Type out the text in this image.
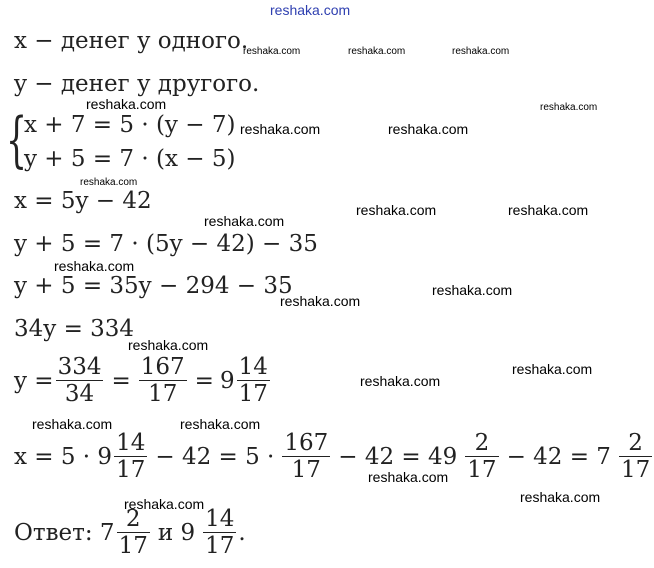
reshaka.com
reshaka.com	reshaka.com	reshaka.com
reshaka.com	reshaka.com
reshaka.com	reshaka.com
reshaka.com
reshaka.com	reshaka.com
reshaka.com
reshaka.com
reshaka.com
reshaka.com
reshaka.com
reshaka.com
reshaka.com
reshaka.com	reshaka.com
reshaka.com
reshaka.com
reshaka.com
x − денег у одного.
y − денег у другого.
{
x + 7 = 5 · (y − 7)
y + 5 = 7 · (x − 5)
x = 5y − 42
y + 5 = 7 · (5y − 42) − 35
y + 5 = 35y − 294 − 35
34y = 334
$y = \frac{334}{34} = \frac{167}{17} = 9 \frac{14}{17}$
$x = 5 \cdot 9 \frac{14}{17} - 42 = 5 \cdot \frac{167}{17} - 42 = 49 \frac{2}{17} - 42 = 7 \frac{2}{17}$
Ответ: $7 \frac{2}{17}$ и $9 \frac{14}{17}$ .
